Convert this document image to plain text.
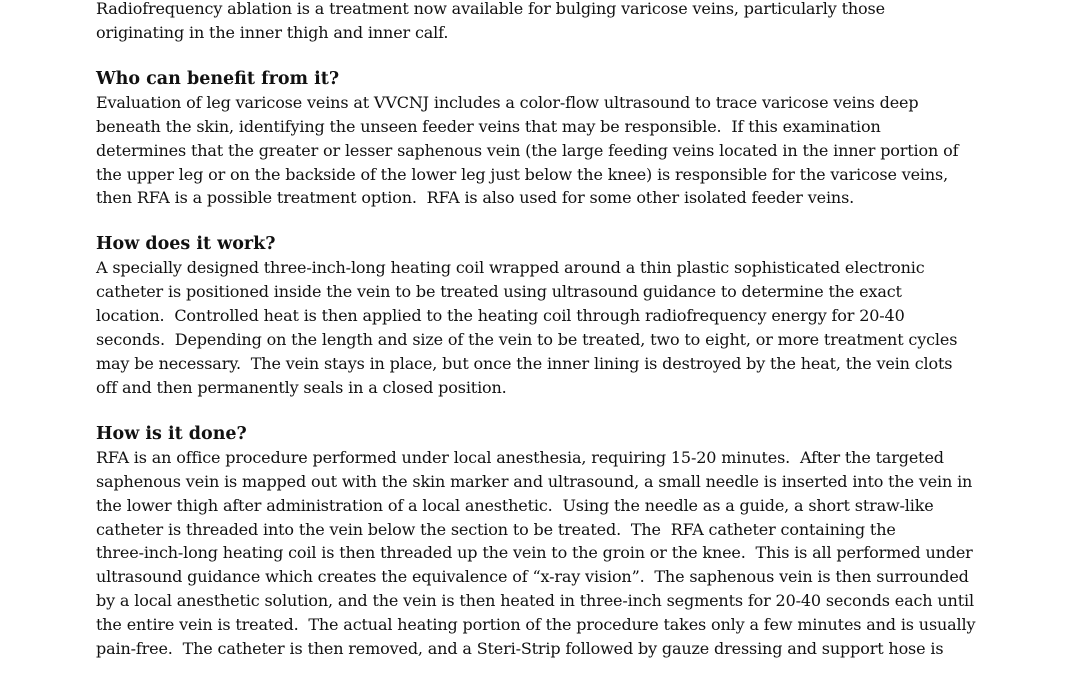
Radiofrequency ablation is a treatment now available for bulging varicose veins, particularly those
originating in the inner thigh and inner calf.
Who can benefit from it?
Evaluation of leg varicose veins at VVCNJ includes a color-flow ultrasound to trace varicose veins deep
beneath the skin, identifying the unseen feeder veins that may be responsible.  If this examination
determines that the greater or lesser saphenous vein (the large feeding veins located in the inner portion of
the upper leg or on the backside of the lower leg just below the knee) is responsible for the varicose veins,
then RFA is a possible treatment option.  RFA is also used for some other isolated feeder veins.
How does it work?
A specially designed three-inch-long heating coil wrapped around a thin plastic sophisticated electronic
catheter is positioned inside the vein to be treated using ultrasound guidance to determine the exact
location.  Controlled heat is then applied to the heating coil through radiofrequency energy for 20-40
seconds.  Depending on the length and size of the vein to be treated, two to eight, or more treatment cycles
may be necessary.  The vein stays in place, but once the inner lining is destroyed by the heat, the vein clots
off and then permanently seals in a closed position.
How is it done?
RFA is an office procedure performed under local anesthesia, requiring 15-20 minutes.  After the targeted
saphenous vein is mapped out with the skin marker and ultrasound, a small needle is inserted into the vein in
the lower thigh after administration of a local anesthetic.  Using the needle as a guide, a short straw-like
catheter is threaded into the vein below the section to be treated.  The  RFA catheter containing the
three-inch-long heating coil is then threaded up the vein to the groin or the knee.  This is all performed under
ultrasound guidance which creates the equivalence of “x-ray vision”.  The saphenous vein is then surrounded
by a local anesthetic solution, and the vein is then heated in three-inch segments for 20-40 seconds each until
the entire vein is treated.  The actual heating portion of the procedure takes only a few minutes and is usually
pain-free.  The catheter is then removed, and a Steri-Strip followed by gauze dressing and support hose is
